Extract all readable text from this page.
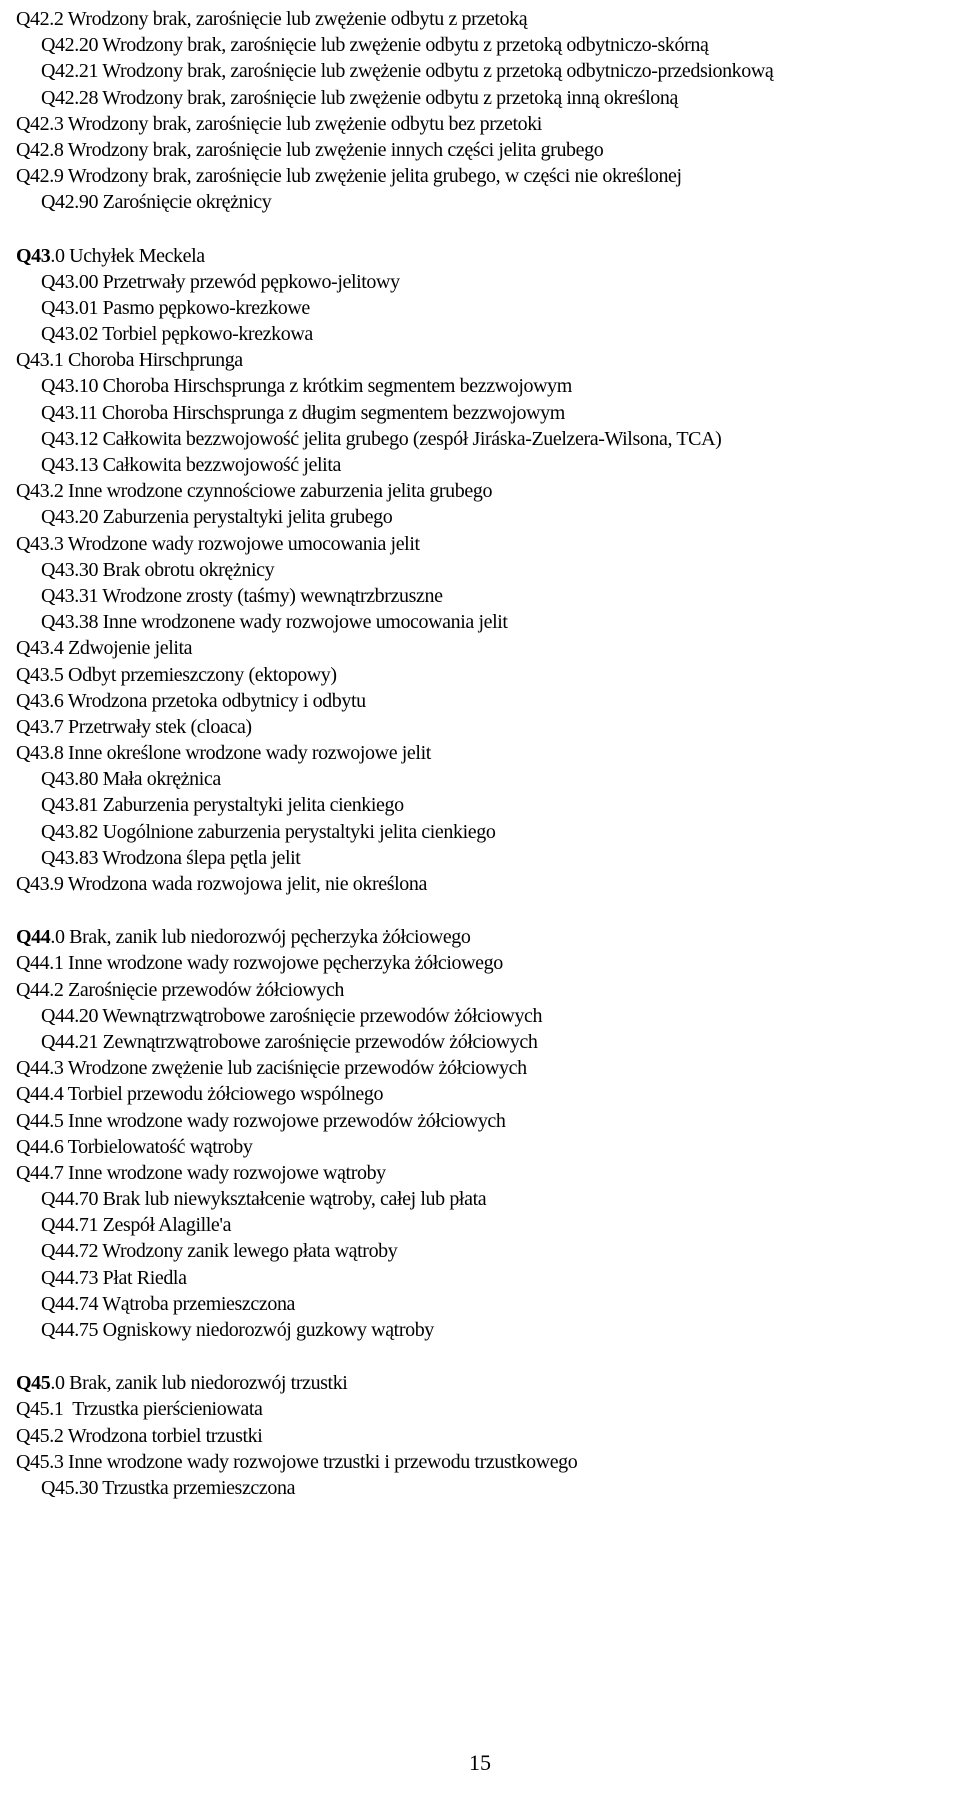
Q42.2 Wrodzony brak, zarośnięcie lub zwężenie odbytu z przetoką
Q42.20 Wrodzony brak, zarośnięcie lub zwężenie odbytu z przetoką odbytniczo-skórną
Q42.21 Wrodzony brak, zarośnięcie lub zwężenie odbytu z przetoką odbytniczo-przedsionkową
Q42.28 Wrodzony brak, zarośnięcie lub zwężenie odbytu z przetoką inną określoną
Q42.3 Wrodzony brak, zarośnięcie lub zwężenie odbytu bez przetoki
Q42.8 Wrodzony brak, zarośnięcie lub zwężenie innych części jelita grubego
Q42.9 Wrodzony brak, zarośnięcie lub zwężenie jelita grubego, w części nie określonej
Q42.90 Zarośnięcie okrężnicy
Q43.0 Uchyłek Meckela
Q43.00 Przetrwały przewód pępkowo-jelitowy
Q43.01 Pasmo pępkowo-krezkowe
Q43.02 Torbiel pępkowo-krezkowa
Q43.1 Choroba Hirschprunga
Q43.10 Choroba Hirschsprunga z krótkim segmentem bezzwojowym
Q43.11 Choroba Hirschsprunga z długim segmentem bezzwojowym
Q43.12 Całkowita bezzwojowość jelita grubego (zespół Jiráska-Zuelzera-Wilsona, TCA)
Q43.13 Całkowita bezzwojowość jelita
Q43.2 Inne wrodzone czynnościowe zaburzenia jelita grubego
Q43.20 Zaburzenia perystaltyki jelita grubego
Q43.3 Wrodzone wady rozwojowe umocowania jelit
Q43.30 Brak obrotu okrężnicy
Q43.31 Wrodzone zrosty (taśmy) wewnątrzbrzuszne
Q43.38 Inne wrodzonene wady rozwojowe umocowania jelit
Q43.4 Zdwojenie jelita
Q43.5 Odbyt przemieszczony (ektopowy)
Q43.6 Wrodzona przetoka odbytnicy i odbytu
Q43.7 Przetrwały stek (cloaca)
Q43.8 Inne określone wrodzone wady rozwojowe jelit
Q43.80 Mała okrężnica
Q43.81 Zaburzenia perystaltyki jelita cienkiego
Q43.82 Uogólnione zaburzenia perystaltyki jelita cienkiego
Q43.83 Wrodzona ślepa pętla jelit
Q43.9 Wrodzona wada rozwojowa jelit, nie określona
Q44.0 Brak, zanik lub niedorozwój pęcherzyka żółciowego
Q44.1 Inne wrodzone wady rozwojowe pęcherzyka żółciowego
Q44.2 Zarośnięcie przewodów żółciowych
Q44.20 Wewnątrzwątrobowe zarośnięcie przewodów żółciowych
Q44.21 Zewnątrzwątrobowe zarośnięcie przewodów żółciowych
Q44.3 Wrodzone zwężenie lub zaciśnięcie przewodów żółciowych
Q44.4 Torbiel przewodu żółciowego wspólnego
Q44.5 Inne wrodzone wady rozwojowe przewodów żółciowych
Q44.6 Torbielowatość wątroby
Q44.7 Inne wrodzone wady rozwojowe wątroby
Q44.70 Brak lub niewykształcenie wątroby, całej lub płata
Q44.71 Zespół Alagille'a
Q44.72 Wrodzony zanik lewego płata wątroby
Q44.73 Płat Riedla
Q44.74 Wątroba przemieszczona
Q44.75 Ogniskowy niedorozwój guzkowy wątroby
Q45.0 Brak, zanik lub niedorozwój trzustki
Q45.1  Trzustka pierścieniowata
Q45.2 Wrodzona torbiel trzustki
Q45.3 Inne wrodzone wady rozwojowe trzustki i przewodu trzustkowego
Q45.30 Trzustka przemieszczona
15
